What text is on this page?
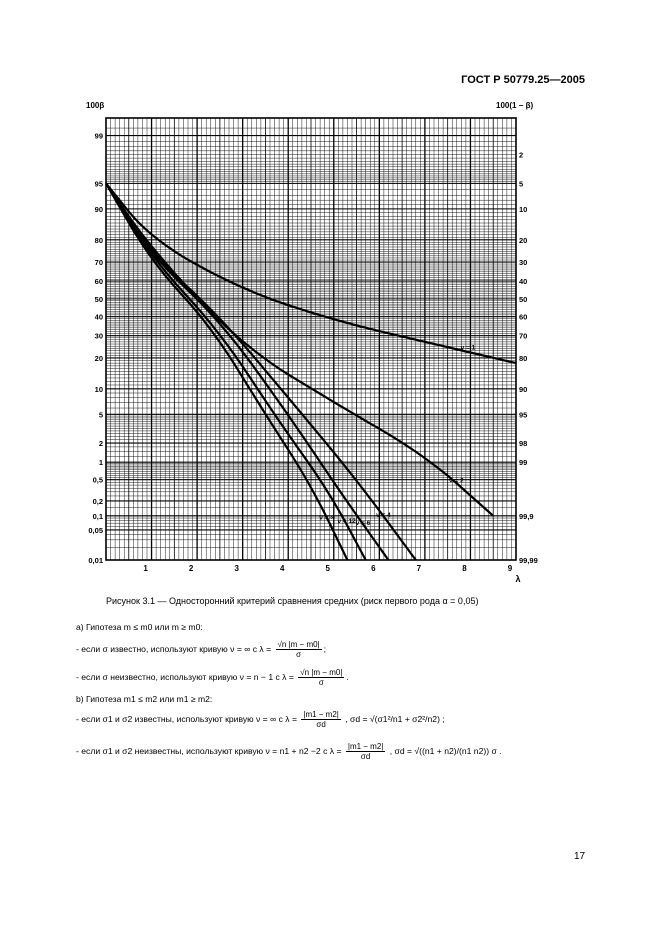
ГОСТ Р 50779.25—2005
99
95
90
80
70
60
50
40
30
20
10
5
2
1
0,5
0,2
0,1
0,05
0,01
2
5
10
20
30
40
50
60
70
80
90
95
98
99
99,9
99,99
1	2	3	4	5	6	7	8	9
100β	100(1 − β)
λ
ν = 1
ν = 2
ν = 4
ν = 6
ν = 12
ν = ∞
Рисунок 3.1 — Односторонний критерий сравнения средних (риск первого рода α = 0,05)
а) Гипотеза m ≤ m0 или m ≥ m0:
- если σ известно, используют кривую ν = ∞ с $\lambda = \frac{√n |m - m0|}{\sigma}$ ;
- если σ неизвестно, используют кривую ν = n − 1 с $\lambda = \frac{√n |m - m0|}{\sigma}$ .
b) Гипотеза m1 ≤ m2 или m1 ≥ m2:
- если σ1 и σ2 известны, используют кривую ν = ∞ с $\lambda = \frac{|m1 - m2|}{\sigma d}$ , σd = √(σ1²/n1 + σ2²/n2) ;
- если σ1 и σ2 неизвестны, используют кривую ν = n1 + n2 −2 с $\lambda = \frac{|m1 - m2|}{\sigma d}$ , σd = √((n1 + n2)/(n1 n2)) σ .
17
